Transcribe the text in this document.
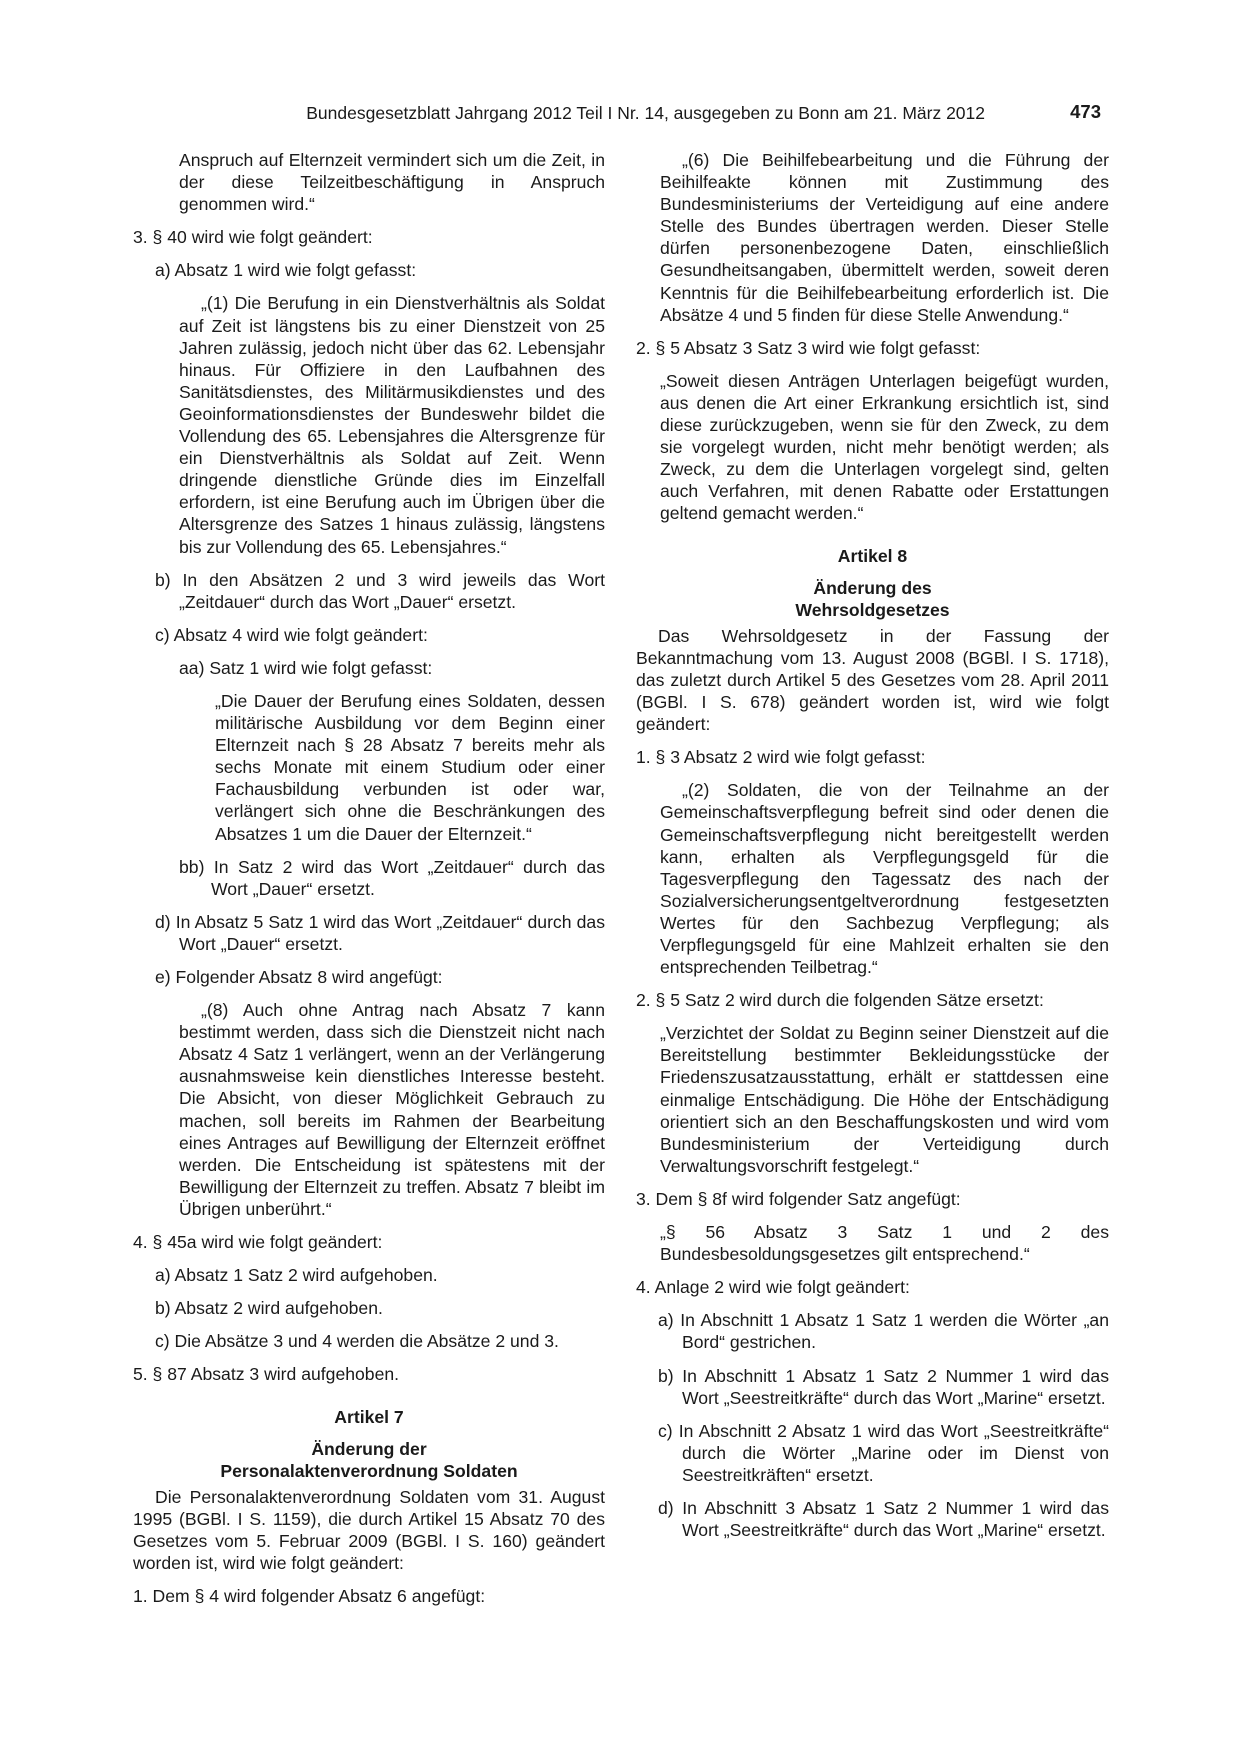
Bundesgesetzblatt Jahrgang 2012 Teil I Nr. 14, ausgegeben zu Bonn am 21. März 2012	473

Anspruch auf Elternzeit vermindert sich um die Zeit, in der diese Teilzeitbeschäftigung in Anspruch genommen wird.“

3. § 40 wird wie folgt geändert:

a) Absatz 1 wird wie folgt gefasst:

„(1) Die Berufung in ein Dienstverhältnis als Soldat auf Zeit ist längstens bis zu einer Dienstzeit von 25 Jahren zulässig, jedoch nicht über das 62. Lebensjahr hinaus. Für Offiziere in den Laufbahnen des Sanitätsdienstes, des Militärmusikdienstes und des Geoinformationsdienstes der Bundeswehr bildet die Vollendung des 65. Lebensjahres die Altersgrenze für ein Dienstverhältnis als Soldat auf Zeit. Wenn dringende dienstliche Gründe dies im Einzelfall erfordern, ist eine Berufung auch im Übrigen über die Altersgrenze des Satzes 1 hinaus zulässig, längstens bis zur Vollendung des 65. Lebensjahres.“

b) In den Absätzen 2 und 3 wird jeweils das Wort „Zeitdauer“ durch das Wort „Dauer“ ersetzt.

c) Absatz 4 wird wie folgt geändert:

aa) Satz 1 wird wie folgt gefasst:

„Die Dauer der Berufung eines Soldaten, dessen militärische Ausbildung vor dem Beginn einer Elternzeit nach § 28 Absatz 7 bereits mehr als sechs Monate mit einem Studium oder einer Fachausbildung verbunden ist oder war, verlängert sich ohne die Beschränkungen des Absatzes 1 um die Dauer der Elternzeit.“

bb) In Satz 2 wird das Wort „Zeitdauer“ durch das Wort „Dauer“ ersetzt.

d) In Absatz 5 Satz 1 wird das Wort „Zeitdauer“ durch das Wort „Dauer“ ersetzt.

e) Folgender Absatz 8 wird angefügt:

„(8) Auch ohne Antrag nach Absatz 7 kann bestimmt werden, dass sich die Dienstzeit nicht nach Absatz 4 Satz 1 verlängert, wenn an der Verlängerung ausnahmsweise kein dienstliches Interesse besteht. Die Absicht, von dieser Möglichkeit Gebrauch zu machen, soll bereits im Rahmen der Bearbeitung eines Antrages auf Bewilligung der Elternzeit eröffnet werden. Die Entscheidung ist spätestens mit der Bewilligung der Elternzeit zu treffen. Absatz 7 bleibt im Übrigen unberührt.“

4. § 45a wird wie folgt geändert:

a) Absatz 1 Satz 2 wird aufgehoben.

b) Absatz 2 wird aufgehoben.

c) Die Absätze 3 und 4 werden die Absätze 2 und 3.

5. § 87 Absatz 3 wird aufgehoben.

Artikel 7

Änderung der

Personalaktenverordnung Soldaten

Die Personalaktenverordnung Soldaten vom 31. August 1995 (BGBl. I S. 1159), die durch Artikel 15 Absatz 70 des Gesetzes vom 5. Februar 2009 (BGBl. I S. 160) geändert worden ist, wird wie folgt geändert:

1. Dem § 4 wird folgender Absatz 6 angefügt:

„(6) Die Beihilfebearbeitung und die Führung der Beihilfeakte können mit Zustimmung des Bundesministeriums der Verteidigung auf eine andere Stelle des Bundes übertragen werden. Dieser Stelle dürfen personenbezogene Daten, einschließlich Gesundheitsangaben, übermittelt werden, soweit deren Kenntnis für die Beihilfebearbeitung erforderlich ist. Die Absätze 4 und 5 finden für diese Stelle Anwendung.“

2. § 5 Absatz 3 Satz 3 wird wie folgt gefasst:

„Soweit diesen Anträgen Unterlagen beigefügt wurden, aus denen die Art einer Erkrankung ersichtlich ist, sind diese zurückzugeben, wenn sie für den Zweck, zu dem sie vorgelegt wurden, nicht mehr benötigt werden; als Zweck, zu dem die Unterlagen vorgelegt sind, gelten auch Verfahren, mit denen Rabatte oder Erstattungen geltend gemacht werden.“

Artikel 8

Änderung des

Wehrsoldgesetzes

Das Wehrsoldgesetz in der Fassung der Bekanntmachung vom 13. August 2008 (BGBl. I S. 1718), das zuletzt durch Artikel 5 des Gesetzes vom 28. April 2011 (BGBl. I S. 678) geändert worden ist, wird wie folgt geändert:

1. § 3 Absatz 2 wird wie folgt gefasst:

„(2) Soldaten, die von der Teilnahme an der Gemeinschaftsverpflegung befreit sind oder denen die Gemeinschaftsverpflegung nicht bereitgestellt werden kann, erhalten als Verpflegungsgeld für die Tagesverpflegung den Tagessatz des nach der Sozialversicherungsentgeltverordnung festgesetzten Wertes für den Sachbezug Verpflegung; als Verpflegungsgeld für eine Mahlzeit erhalten sie den entsprechenden Teilbetrag.“

2. § 5 Satz 2 wird durch die folgenden Sätze ersetzt:

„Verzichtet der Soldat zu Beginn seiner Dienstzeit auf die Bereitstellung bestimmter Bekleidungsstücke der Friedenszusatzausstattung, erhält er stattdessen eine einmalige Entschädigung. Die Höhe der Entschädigung orientiert sich an den Beschaffungskosten und wird vom Bundesministerium der Verteidigung durch Verwaltungsvorschrift festgelegt.“

3. Dem § 8f wird folgender Satz angefügt:

„§ 56 Absatz 3 Satz 1 und 2 des Bundesbesoldungsgesetzes gilt entsprechend.“

4. Anlage 2 wird wie folgt geändert:

a) In Abschnitt 1 Absatz 1 Satz 1 werden die Wörter „an Bord“ gestrichen.

b) In Abschnitt 1 Absatz 1 Satz 2 Nummer 1 wird das Wort „Seestreitkräfte“ durch das Wort „Marine“ ersetzt.

c) In Abschnitt 2 Absatz 1 wird das Wort „Seestreitkräfte“ durch die Wörter „Marine oder im Dienst von Seestreitkräften“ ersetzt.

d) In Abschnitt 3 Absatz 1 Satz 2 Nummer 1 wird das Wort „Seestreitkräfte“ durch das Wort „Marine“ ersetzt.
